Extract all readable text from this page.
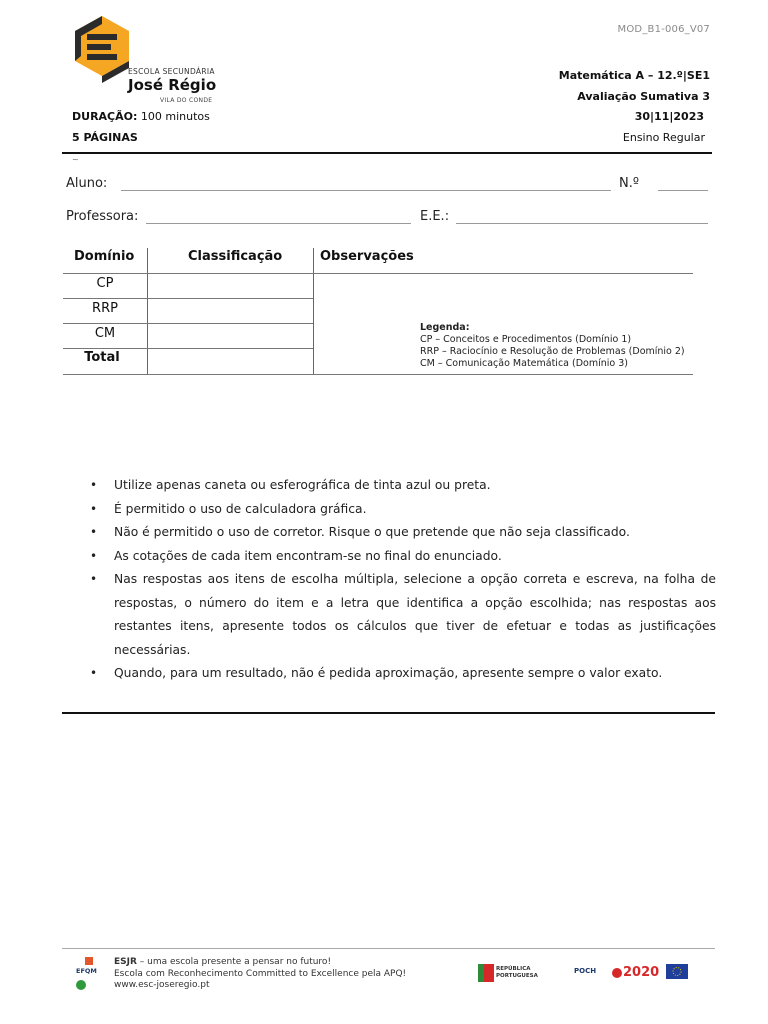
MOD_B1-006_V07
ESCOLA SECUNDÁRIA
José Régio
VILA DO CONDE
Matemática A – 12.º|SE1
Avaliação Sumativa 3
30|11|2023
Ensino Regular
DURAÇÃO: 100 minutos
5 PÁGINAS
~
Aluno:	N.º
Professora:	E.E.:
Domínio	Classificação	Observações
CP
RRP
CM
Total
Legenda:
CP – Conceitos e Procedimentos (Domínio 1)
RRP – Raciocínio e Resolução de Problemas (Domínio 2)
CM – Comunicação Matemática (Domínio 3)
• Utilize apenas caneta ou esferográfica de tinta azul ou preta.
• É permitido o uso de calculadora gráfica.
• Não é permitido o uso de corretor. Risque o que pretende que não seja classificado.
• As cotações de cada item encontram-se no final do enunciado.
• Nas respostas aos itens de escolha múltipla, selecione a opção correta e escreva, na folha de respostas, o número do item e a letra que identifica a opção escolhida; nas respostas aos restantes itens, apresente todos os cálculos que tiver de efetuar e todas as justificações necessárias.
• Quando, para um resultado, não é pedida aproximação, apresente sempre o valor exato.
EFQM
ESJR – uma escola presente a pensar no futuro!
Escola com Reconhecimento Committed to Excellence pela APQ!
www.esc-joseregio.pt
REPÚBLICA PORTUGUESA
POCH 2020
